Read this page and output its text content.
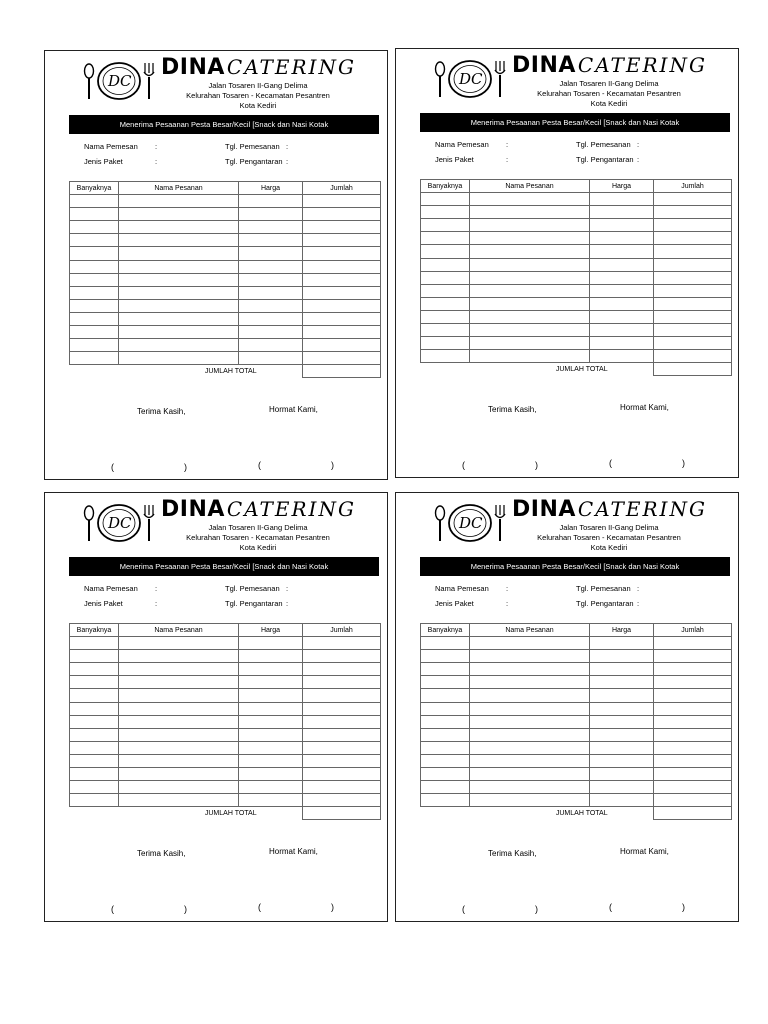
DC
DINA CATERING
Jalan Tosaren II-Gang Delima
Kelurahan Tosaren - Kecamatan Pesantren
Kota Kediri
Menerima Pesaanan Pesta Besar/Kecil [Snack dan Nasi Kotak
Nama Pemesan :	Tgl. Pemesanan :
Jenis Paket	:	Tgl. Pengantaran :
Banyaknya	Nama Pesanan	Harga	Jumlah

JUMLAH TOTAL			
Terima Kasih,	Hormat Kami,
(	)	(	)
DC
DINA CATERING
Jalan Tosaren II-Gang Delima
Kelurahan Tosaren - Kecamatan Pesantren
Kota Kediri
Menerima Pesaanan Pesta Besar/Kecil [Snack dan Nasi Kotak
Nama Pemesan :	Tgl. Pemesanan :
Jenis Paket	:	Tgl. Pengantaran :
Banyaknya	Nama Pesanan	Harga	Jumlah

JUMLAH TOTAL			
Terima Kasih,	Hormat Kami,
(	)	(	)
DC
DINA CATERING
Jalan Tosaren II-Gang Delima
Kelurahan Tosaren - Kecamatan Pesantren
Kota Kediri
Menerima Pesaanan Pesta Besar/Kecil [Snack dan Nasi Kotak
Nama Pemesan :	Tgl. Pemesanan :
Jenis Paket	:	Tgl. Pengantaran :
Banyaknya	Nama Pesanan	Harga	Jumlah

JUMLAH TOTAL			
Terima Kasih,	Hormat Kami,
(	)	(	)
DC
DINA CATERING
Jalan Tosaren II-Gang Delima
Kelurahan Tosaren - Kecamatan Pesantren
Kota Kediri
Menerima Pesaanan Pesta Besar/Kecil [Snack dan Nasi Kotak
Nama Pemesan :	Tgl. Pemesanan :
Jenis Paket	:	Tgl. Pengantaran :
Banyaknya	Nama Pesanan	Harga	Jumlah

JUMLAH TOTAL			
Terima Kasih,	Hormat Kami,
(	)	(	)
